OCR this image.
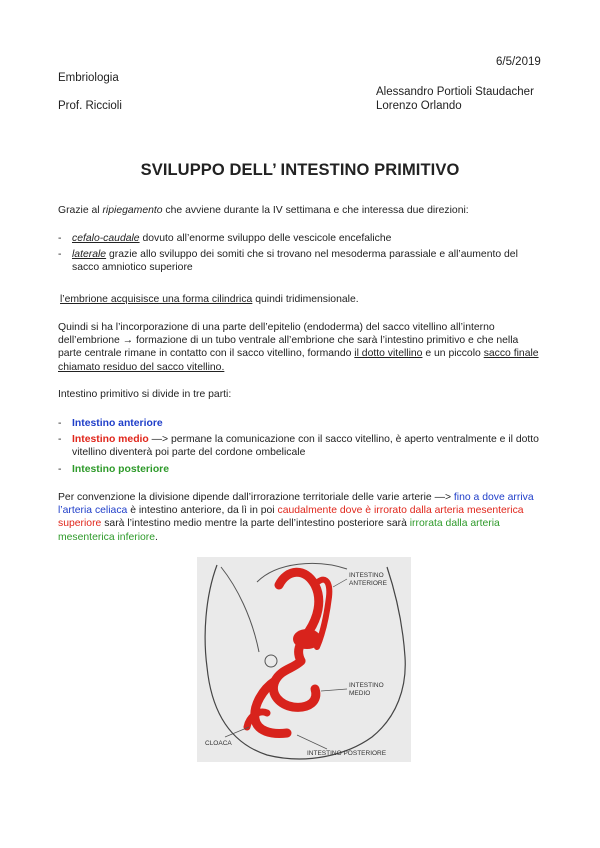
6/5/2019
Embriologia
Alessandro Portioli Staudacher
Prof. Riccioli	Lorenzo Orlando
SVILUPPO DELL’ INTESTINO PRIMITIVO
Grazie al ripiegamento che avviene durante la IV settimana e che interessa due direzioni:
- cefalo-caudale dovuto all’enorme sviluppo delle vescicole encefaliche
- laterale grazie allo sviluppo dei somiti che si trovano nel mesoderma parassiale e all’aumento del sacco amniotico superiore
l’embrione acquisisce una forma cilindrica quindi tridimensionale.
Quindi si ha l’incorporazione di una parte dell’epitelio (endoderma) del sacco vitellino all’interno dell’embrione → formazione di un tubo ventrale all’embrione che sarà l’intestino primitivo e che nella parte centrale rimane in contatto con il sacco vitellino, formando il dotto vitellino e un piccolo sacco finale chiamato residuo del sacco vitellino.
Intestino primitivo si divide in tre parti:
- Intestino anteriore
- Intestino medio —> permane la comunicazione con il sacco vitellino, è aperto ventralmente e il dotto vitellino diventerà poi parte del cordone ombelicale
- Intestino posteriore
Per convenzione la divisione dipende dall’irrorazione territoriale delle varie arterie —> fino a dove arriva l’arteria celiaca è intestino anteriore, da lì in poi caudalmente dove è irrorato dalla arteria mesenterica superiore sarà l’intestino medio mentre la parte dell’intestino posteriore sarà irrorata dalla arteria mesenterica inferiore.
INTESTINO
ANTERIORE
INTESTINO
MEDIO
CLOACA
INTESTINO POSTERIORE
